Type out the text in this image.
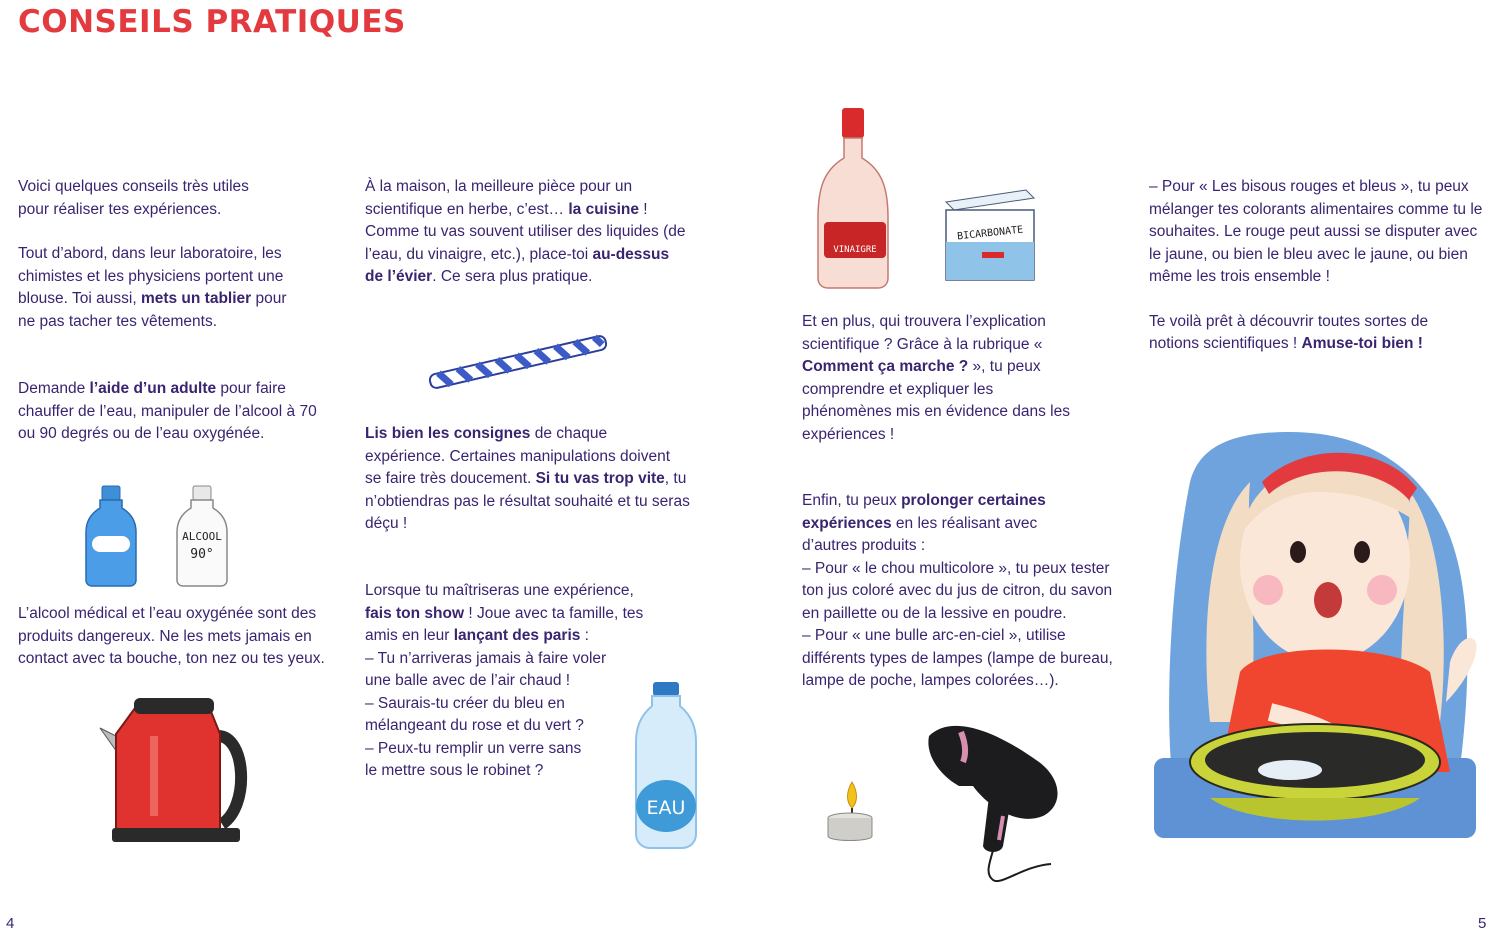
CONSEILS PRATIQUES

Voici quelques conseils très utiles pour réaliser tes expériences.

Tout d’abord, dans leur laboratoire, les chimistes et les physiciens portent une blouse. Toi aussi, mets un tablier pour ne pas tacher tes vêtements.

Demande l’aide d’un adulte pour faire chauffer de l’eau, manipuler de l’alcool à 70 ou 90 degrés ou de l’eau oxygénée.

L’alcool médical et l’eau oxygénée sont des produits dangereux. Ne les mets jamais en contact avec ta bouche, ton nez ou tes yeux.
ALCOOL
90°

À la maison, la meilleure pièce pour un scientifique en herbe, c’est… la cuisine ! Comme tu vas souvent utiliser des liquides (de l’eau, du vinaigre, etc.), place-toi au-dessus de l’évier. Ce sera plus pratique.

Lis bien les consignes de chaque expérience. Certaines manipulations doivent se faire très doucement. Si tu vas trop vite, tu n’obtiendras pas le résultat souhaité et tu seras déçu !

Lorsque tu maîtriseras une expérience, fais ton show ! Joue avec ta famille, tes amis en leur lançant des paris :

– Tu n’arriveras jamais à faire voler une balle avec de l’air chaud !

– Saurais-tu créer du bleu en mélangeant du rose et du vert ?

– Peux-tu remplir un verre sans le mettre sous le robinet ?

EAU
VINAIGRE
BICARBONATE

Et en plus, qui trouvera l’explication scientifique ? Grâce à la rubrique « Comment ça marche ? », tu peux comprendre et expliquer les phénomènes mis en évidence dans les expériences !

Enfin, tu peux prolonger certaines expériences en les réalisant avec d’autres produits :

– Pour « le chou multicolore », tu peux tester ton jus coloré avec du jus de citron, du savon en paillette ou de la lessive en poudre.

– Pour « une bulle arc-en-ciel », utilise différents types de lampes (lampe de bureau, lampe de poche, lampes colorées…).

– Pour « Les bisous rouges et bleus », tu peux mélanger tes colorants alimentaires comme tu le souhaites. Le rouge peut aussi se disputer avec le jaune, ou bien le bleu avec le jaune, ou bien même les trois ensemble !

Te voilà prêt à découvrir toutes sortes de notions scientifiques ! Amuse-toi bien !

4	5
